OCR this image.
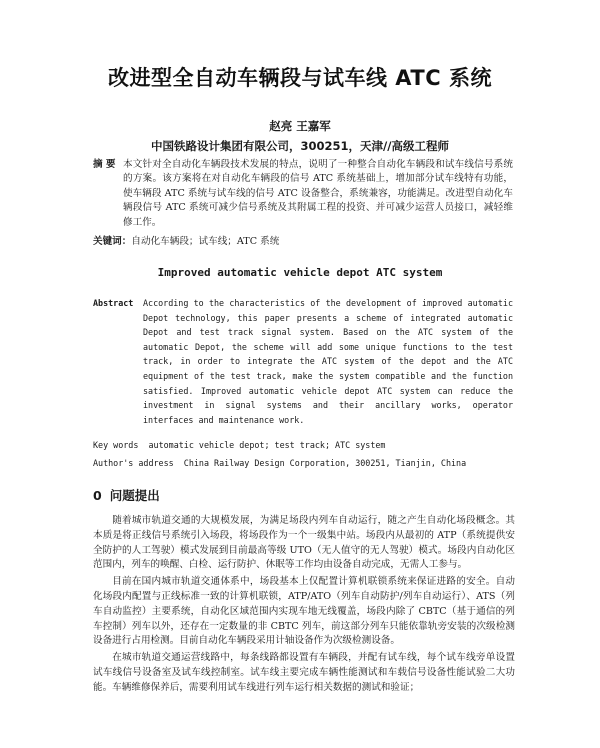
改进型全自动车辆段与试车线 ATC 系统
赵亮 王嘉军
中国铁路设计集团有限公司，300251，天津//高级工程师
摘 要 本文针对全自动化车辆段技术发展的特点，说明了一种整合自动化车辆段和试车线信号系统的方案。该方案将在对自动化车辆段的信号 ATC 系统基础上，增加部分试车线特有功能，使车辆段 ATC 系统与试车线的信号 ATC 设备整合，系统兼容，功能满足。改进型自动化车辆段信号 ATC 系统可减少信号系统及其附属工程的投资、并可减少运营人员接口，减轻维修工作。
关键词：自动化车辆段；试车线；ATC 系统
Improved automatic vehicle depot ATC system
Abstract According to the characteristics of the development of improved automatic Depot technology, this paper presents a scheme of integrated automatic Depot and test track signal system. Based on the ATC system of the automatic Depot, the scheme will add some unique functions to the test track, in order to integrate the ATC system of the depot and the ATC equipment of the test track, make the system compatible and the function satisfied. Improved automatic vehicle depot ATC system can reduce the investment in signal systems and their ancillary works, operator interfaces and maintenance work.
Key words automatic vehicle depot; test track; ATC system
Author's address China Railway Design Corporation, 300251, Tianjin, China
0 问题提出

随着城市轨道交通的大规模发展，为满足场段内列车自动运行，随之产生自动化场段概念。其本质是将正线信号系统引入场段，将场段作为一个一级集中站。场段内从最初的 ATP（系统提供安全防护的人工驾驶）模式发展到目前最高等级 UTO（无人值守的无人驾驶）模式。场段内自动化区范围内，列车的唤醒、白检、运行防护、休眠等工作均由设备自动完成，无需人工参与。

目前在国内城市轨道交通体系中，场段基本上仅配置计算机联锁系统来保证进路的安全。自动化场段内配置与正线标准一致的计算机联锁，ATP/ATO（列车自动防护/列车自动运行）、ATS（列车自动监控）主要系统，自动化区域范围内实现车地无线覆盖，场段内除了 CBTC（基于通信的列车控制）列车以外，还存在一定数量的非 CBTC 列车，前这部分列车只能依靠轨旁安装的次级检测设备进行占用检测。目前自动化车辆段采用计轴设备作为次级检测设备。

在城市轨道交通运营线路中，每条线路都设置有车辆段，并配有试车线，每个试车线旁单设置试车线信号设备室及试车线控制室。试车线主要完成车辆性能测试和车载信号设备性能试验二大功能。车辆维修保养后，需要利用试车线进行列车运行相关数据的测试和验证；
